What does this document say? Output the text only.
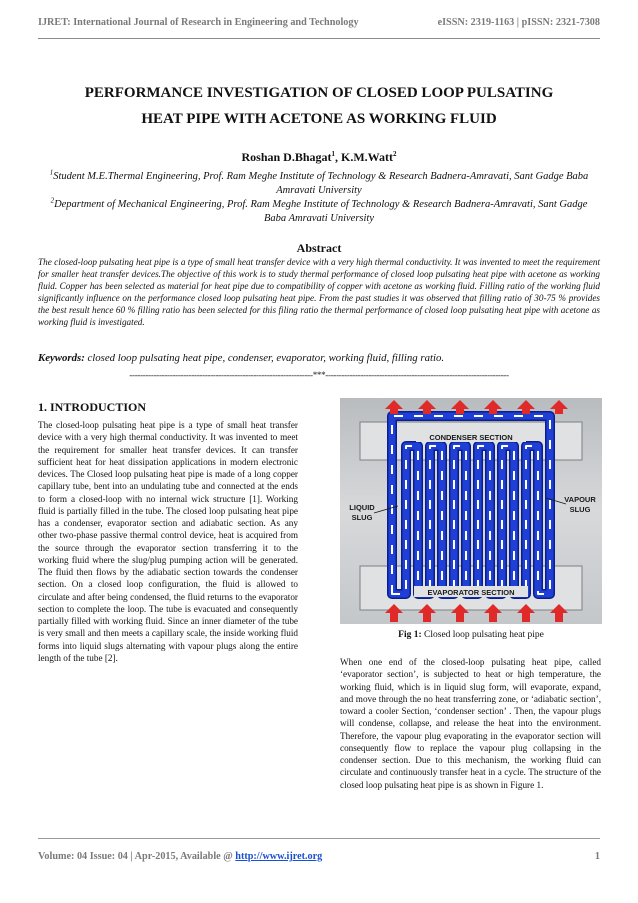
IJRET: International Journal of Research in Engineering and Technology	eISSN: 2319-1163 | pISSN: 2321-7308
PERFORMANCE INVESTIGATION OF CLOSED LOOP PULSATING
HEAT PIPE WITH ACETONE AS WORKING FLUID
Roshan D.Bhagat$^1$, K.M.Watt$^2$
$^1$Student M.E.Thermal Engineering, Prof. Ram Meghe Institute of Technology & Research Badnera-Amravati, Sant Gadge Baba Amravati University
$^2$Department of Mechanical Engineering, Prof. Ram Meghe Institute of Technology & Research Badnera-Amravati, Sant Gadge Baba Amravati University
Abstract

The closed-loop pulsating heat pipe is a type of small heat transfer device with a very high thermal conductivity. It was invented to meet the requirement for smaller heat transfer devices.The objective of this work is to study thermal performance of closed loop pulsating heat pipe with acetone as working fluid. Copper has been selected as material for heat pipe due to compatibility of copper with acetone as working fluid. Filling ratio of the working fluid significantly influence on the performance closed loop pulsating heat pipe. From the past studies it was observed that filling ratio of 30-75 % provides the best result hence 60 % filling ratio has been selected for this filing ratio the thermal performance of closed loop pulsating heat pipe with acetone as working fluid is investigated.

Keywords: closed loop pulsating heat pipe, condenser, evaporator, working fluid, filling ratio.
--------------------------------------------------------------------***--------------------------------------------------------------------
1. INTRODUCTION

The closed-loop pulsating heat pipe is a type of small heat transfer device with a very high thermal conductivity. It was invented to meet the requirement for smaller heat transfer devices. It can transfer sufficient heat for heat dissipation applications in modern electronic devices. The Closed loop pulsating heat pipe is made of a long copper capillary tube, bent into an undulating tube and connected at the ends to form a closed-loop with no internal wick structure [1]. Working fluid is partially filled in the tube. The closed loop pulsating heat pipe has a condenser, evaporator section and adiabatic section. As any other two-phase passive thermal control device, heat is acquired from the source through the evaporator section transferring it to the working fluid where the slug/plug pumping action will be generated. The fluid then flows by the adiabatic section towards the condenser section. On a closed loop configuration, the fluid is allowed to circulate and after being condensed, the fluid returns to the evaporator section to complete the loop. The tube is evacuated and consequently partially filled with working fluid. Since an inner diameter of the tube is very small and then meets a capillary scale, the inside working fluid forms into liquid slugs alternating with vapour plugs along the entire length of the tube [2].

CONDENSER SECTION
EVAPORATOR SECTION
LIQUID
SLUG
VAPOUR
SLUG
Fig 1: Closed loop pulsating heat pipe

When one end of the closed-loop pulsating heat pipe, called ‘evaporator section’, is subjected to heat or high temperature, the working fluid, which is in liquid slug form, will evaporate, expand, and move through the no heat transferring zone, or ‘adiabatic section’, toward a cooler Section, ‘condenser section’ . Then, the vapour plugs will condense, collapse, and release the heat into the environment. Therefore, the vapour plug evaporating in the evaporator section will consequently flow to replace the vapour plug collapsing in the condenser section. Due to this mechanism, the working fluid can circulate and continuously transfer heat in a cycle. The structure of the closed loop pulsating heat pipe is as shown in Figure 1.

Volume: 04 Issue: 04 | Apr-2015, Available @ http://www.ijret.org	1
